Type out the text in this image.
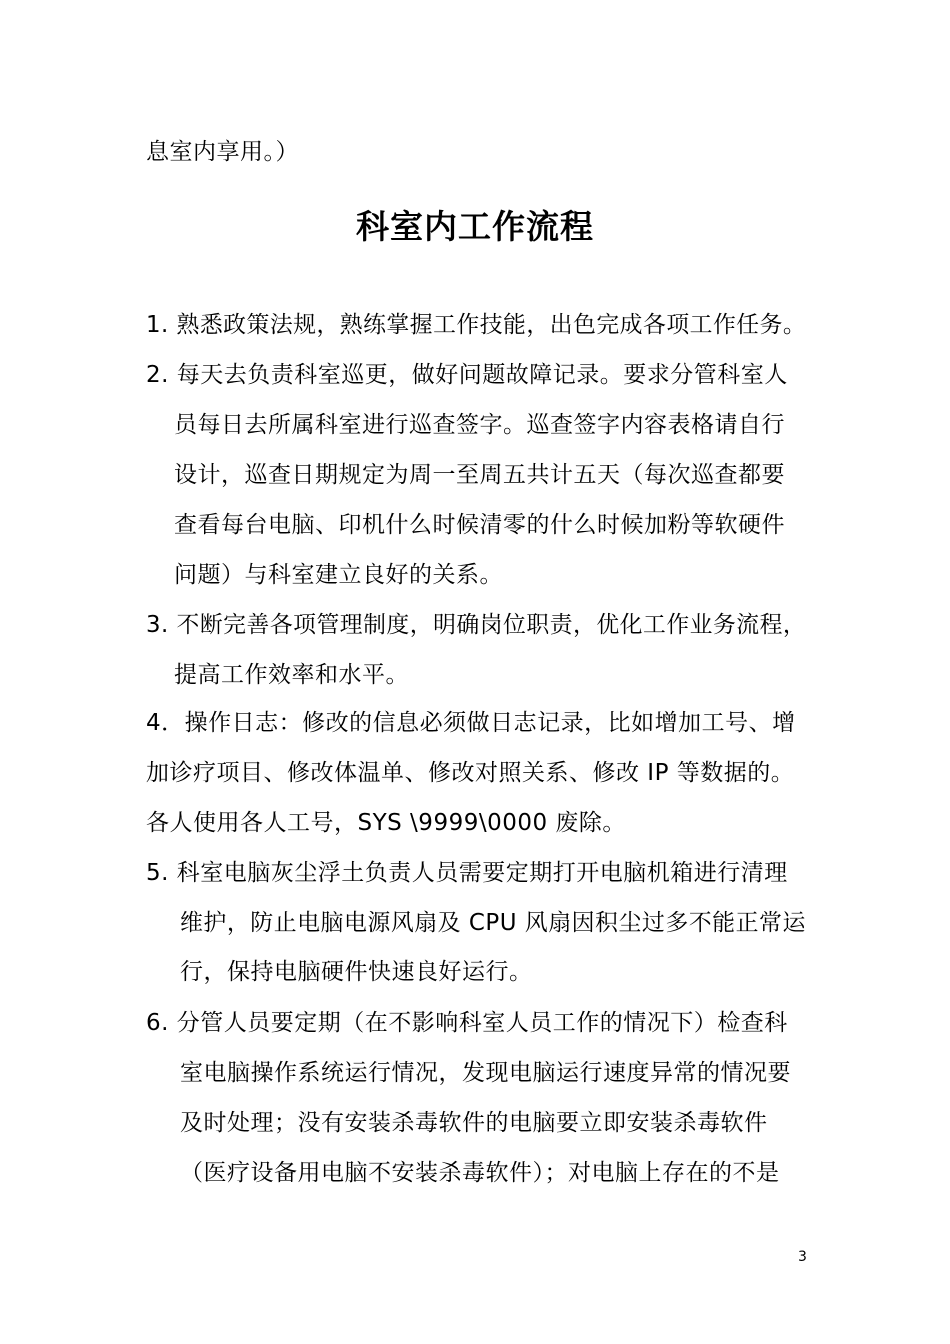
息室内享用。）
科室内工作流程
1. 熟悉政策法规，熟练掌握工作技能，出色完成各项工作任务。
2. 每天去负责科室巡更，做好问题故障记录。要求分管科室人
员每日去所属科室进行巡查签字。巡查签字内容表格请自行
设计，巡查日期规定为周一至周五共计五天（每次巡查都要
查看每台电脑、印机什么时候清零的什么时候加粉等软硬件
问题）与科室建立良好的关系。
3. 不断完善各项管理制度，明确岗位职责，优化工作业务流程，
提高工作效率和水平。
4．操作日志：修改的信息必须做日志记录，比如增加工号、增
加诊疗项目、修改体温单、修改对照关系、修改 IP 等数据的。
各人使用各人工号，SYS \9999\0000 废除。
5. 科室电脑灰尘浮土负责人员需要定期打开电脑机箱进行清理
维护，防止电脑电源风扇及 CPU 风扇因积尘过多不能正常运
行，保持电脑硬件快速良好运行。
6. 分管人员要定期（在不影响科室人员工作的情况下）检查科
室电脑操作系统运行情况，发现电脑运行速度异常的情况要
及时处理；没有安装杀毒软件的电脑要立即安装杀毒软件
（医疗设备用电脑不安装杀毒软件）；对电脑上存在的不是
3
